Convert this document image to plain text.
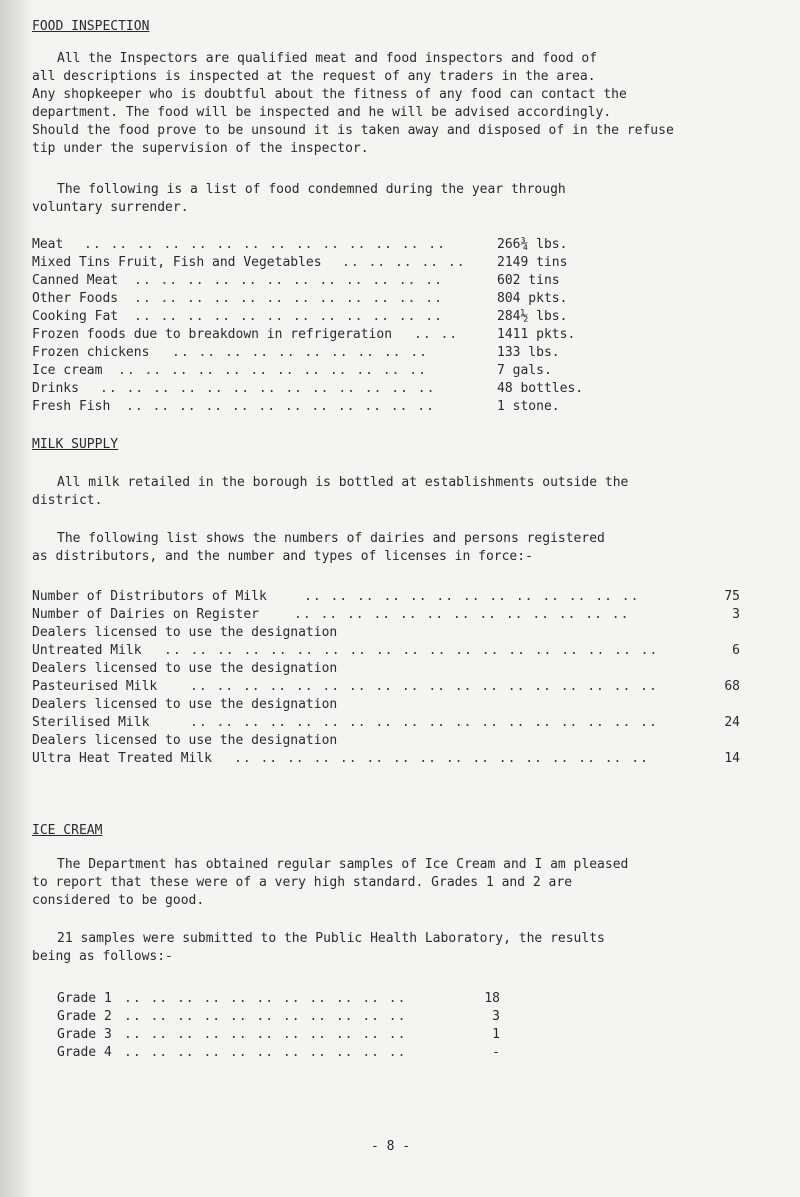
FOOD INSPECTION
All the Inspectors are qualified meat and food inspectors and food of
all descriptions is inspected at the request of any traders in the area.
Any shopkeeper who is doubtful about the fitness of any food can contact the
department. The food will be inspected and he will be advised accordingly.
Should the food prove to be unsound it is taken away and disposed of in the refuse
tip under the supervision of the inspector.
The following is a list of food condemned during the year through
voluntary surrender.
Meat .. .. .. .. .. .. .. .. .. .. .. .. .. ..	266¾ lbs.
Mixed Tins Fruit, Fish and Vegetables .. .. .. .. ..	2149 tins
Canned Meat .. .. .. .. .. .. .. .. .. .. .. ..	602 tins
Other Foods .. .. .. .. .. .. .. .. .. .. .. ..	804 pkts.
Cooking Fat .. .. .. .. .. .. .. .. .. .. .. ..	284½ lbs.
Frozen foods due to breakdown in refrigeration .. ..	1411 pkts.
Frozen chickens .. .. .. .. .. .. .. .. .. ..	133 lbs.
Ice cream .. .. .. .. .. .. .. .. .. .. .. ..	7 gals.
Drinks .. .. .. .. .. .. .. .. .. .. .. .. ..	48 bottles.
Fresh Fish .. .. .. .. .. .. .. .. .. .. .. ..	1 stone.
MILK SUPPLY
All milk retailed in the borough is bottled at establishments outside the
district.
The following list shows the numbers of dairies and persons registered
as distributors, and the number and types of licenses in force:-
Number of Distributors of Milk	.. .. .. .. .. .. .. .. .. .. .. .. ..	75
Number of Dairies on Register	.. .. .. .. .. .. .. .. .. .. .. .. ..	3
Dealers licensed to use the designation
Untreated Milk .. .. .. .. .. .. .. .. .. .. .. .. .. .. .. .. .. .. ..	6
Dealers licensed to use the designation
Pasteurised Milk	.. .. .. .. .. .. .. .. .. .. .. .. .. .. .. .. .. ..	68
Dealers licensed to use the designation
Sterilised Milk	.. .. .. .. .. .. .. .. .. .. .. .. .. .. .. .. .. ..	24
Dealers licensed to use the designation
Ultra Heat Treated Milk .. .. .. .. .. .. .. .. .. .. .. .. .. .. .. ..	14
ICE CREAM
The Department has obtained regular samples of Ice Cream and I am pleased
to report that these were of a very high standard. Grades 1 and 2 are
considered to be good.
21 samples were submitted to the Public Health Laboratory, the results
being as follows:-
Grade 1 .. .. .. .. .. .. .. .. .. .. ..	18
Grade 2 .. .. .. .. .. .. .. .. .. .. ..	3
Grade 3 .. .. .. .. .. .. .. .. .. .. ..	1
Grade 4 .. .. .. .. .. .. .. .. .. .. ..	-
- 8 -
